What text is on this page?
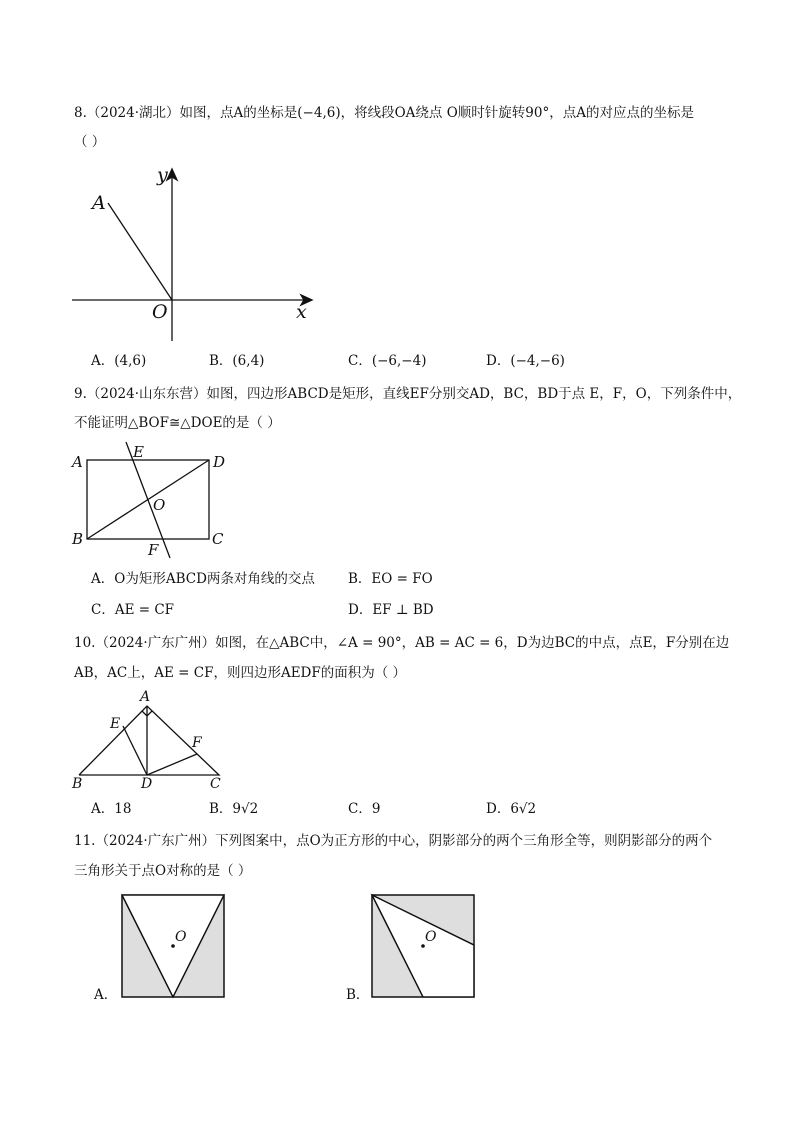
8.（2024·湖北）如图，点A的坐标是(−4,6)，将线段OA绕点 O顺时针旋转90°，点A的对应点的坐标是
（ ）
y
x
O
A
A．(4,6)	B．(6,4)	C．(−6,−4)	D．(−4,−6)
9.（2024·山东东营）如图，四边形ABCD是矩形，直线EF分别交AD，BC，BD于点 E，F，O，下列条件中，
不能证明△BOF≅△DOE的是（ ）
A
E
D
O
B	C
F
A．O为矩形ABCD两条对角线的交点 B．EO = FO
C．AE = CF	D．EF ⊥ BD
10.（2024·广东广州）如图，在△ABC中，∠A = 90°，AB = AC = 6，D为边BC的中点，点E，F分别在边
AB，AC上，AE = CF，则四边形AEDF的面积为（ ）
A
E
F
B	D	C
A．18	B．9√2	C．9	D．6√2
11.（2024·广东广州）下列图案中，点O为正方形的中心，阴影部分的两个三角形全等，则阴影部分的两个
三角形关于点O对称的是（ ）
O
A．
O
B．
